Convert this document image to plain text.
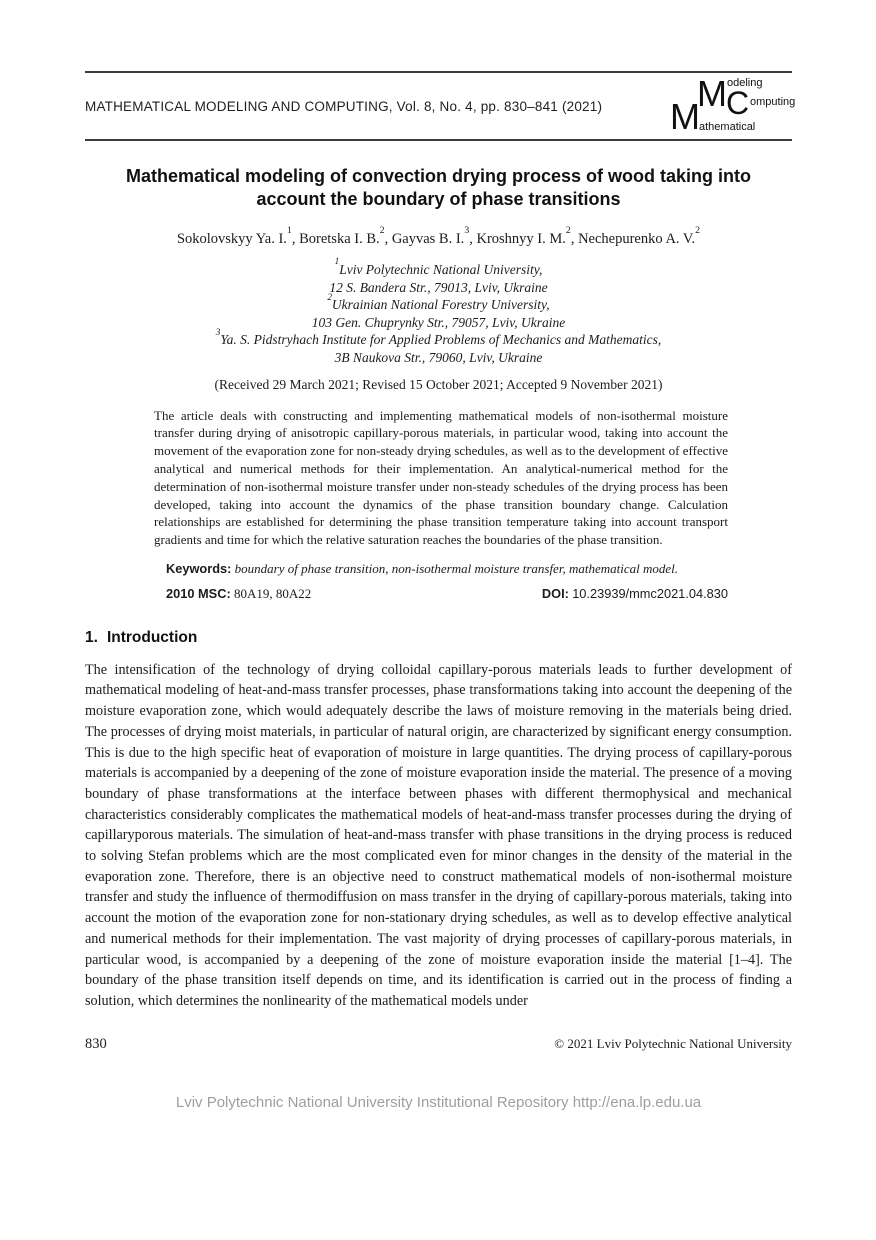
MATHEMATICAL MODELING AND COMPUTING, Vol. 8, No. 4, pp. 830–841 (2021) M athematical
M odeling
C omputing
Mathematical modeling of convection drying process of wood taking into account the boundary of phase transitions
Sokolovskyy Ya. I.$^1$, Boretska I. B.$^2$, Gayvas B. I.$^3$, Kroshnyy I. M.$^2$, Nechepurenko A. V.$^2$
$^1$Lviv Polytechnic National University,
12 S. Bandera Str., 79013, Lviv, Ukraine
$^2$Ukrainian National Forestry University,
103 Gen. Chuprynky Str., 79057, Lviv, Ukraine
$^3$Ya. S. Pidstryhach Institute for Applied Problems of Mechanics and Mathematics,
3B Naukova Str., 79060, Lviv, Ukraine
(Received 29 March 2021; Revised 15 October 2021; Accepted 9 November 2021)

The article deals with constructing and implementing mathematical models of non-isothermal moisture transfer during drying of anisotropic capillary-porous materials, in particular wood, taking into account the movement of the evaporation zone for non-steady drying schedules, as well as to the development of effective analytical and numerical methods for their implementation. An analytical-numerical method for the determination of non-isothermal moisture transfer under non-steady schedules of the drying process has been developed, taking into account the dynamics of the phase transition boundary change. Calculation relationships are established for determining the phase transition temperature taking into account transport gradients and time for which the relative saturation reaches the boundaries of the phase transition.

Keywords: boundary of phase transition, non-isothermal moisture transfer, mathematical model.

2010 MSC: 80A19, 80A22	DOI: 10.23939/mmc2021.04.830
1. Introduction

The intensification of the technology of drying colloidal capillary-porous materials leads to further development of mathematical modeling of heat-and-mass transfer processes, phase transformations taking into account the deepening of the moisture evaporation zone, which would adequately describe the laws of moisture removing in the materials being dried. The processes of drying moist materials, in particular of natural origin, are characterized by significant energy consumption. This is due to the high specific heat of evaporation of moisture in large quantities. The drying process of capillary-porous materials is accompanied by a deepening of the zone of moisture evaporation inside the material. The presence of a moving boundary of phase transformations at the interface between phases with different thermophysical and mechanical characteristics considerably complicates the mathematical models of heat-and-mass transfer processes during the drying of capillaryporous materials. The simulation of heat-and-mass transfer with phase transitions in the drying process is reduced to solving Stefan problems which are the most complicated even for minor changes in the density of the material in the evaporation zone. Therefore, there is an objective need to construct mathematical models of non-isothermal moisture transfer and study the influence of thermodiffusion on mass transfer in the drying of capillary-porous materials, taking into account the motion of the evaporation zone for non-stationary drying schedules, as well as to develop effective analytical and numerical methods for their implementation. The vast majority of drying processes of capillary-porous materials, in particular wood, is accompanied by a deepening of the zone of moisture evaporation inside the material [1–4]. The boundary of the phase transition itself depends on time, and its identification is carried out in the process of finding a solution, which determines the nonlinearity of the mathematical models under

830	© 2021 Lviv Polytechnic National University
Lviv Polytechnic National University Institutional Repository http://ena.lp.edu.ua
